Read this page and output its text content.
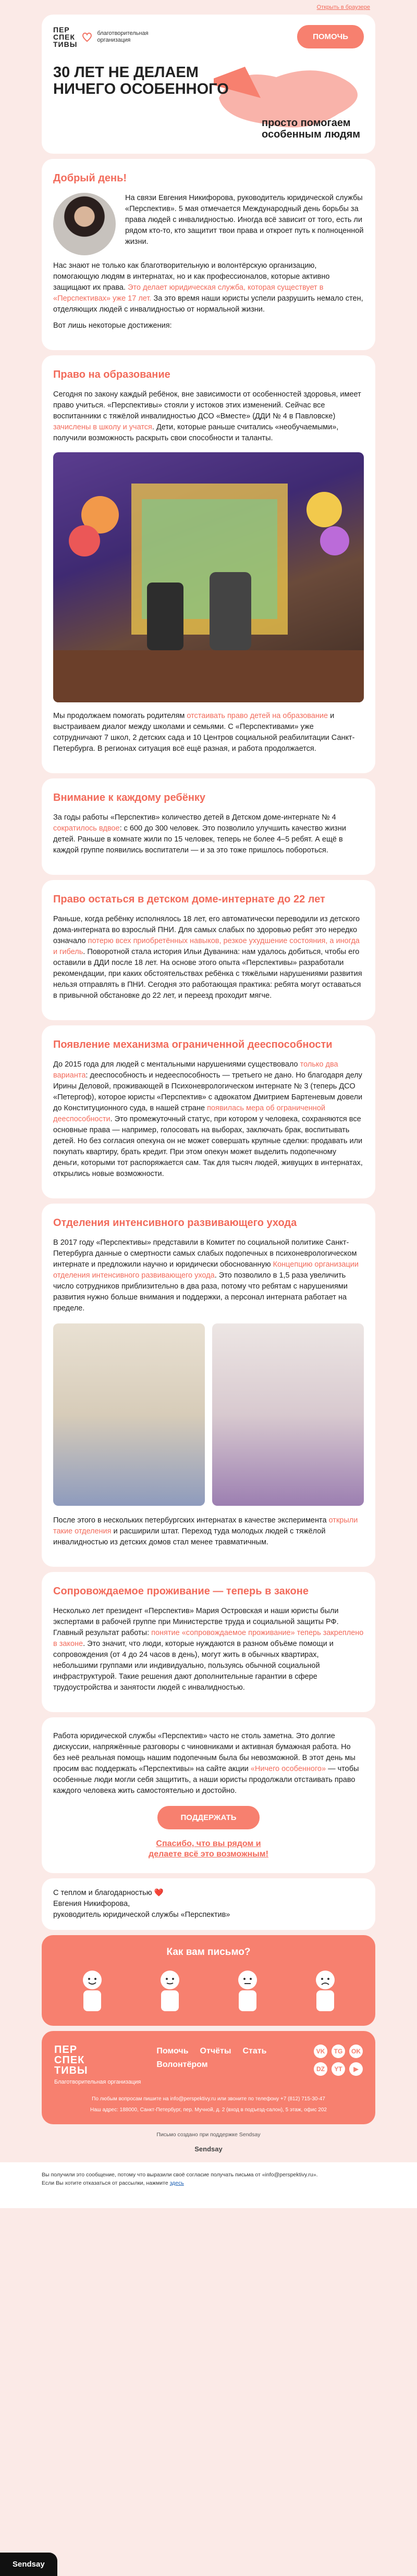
Открыть в браузере
ПЕР
СПЕК
ТИВЫ
благотворительная
организация	ПОМОЧЬ
30 ЛЕТ НЕ ДЕЛАЕМ НИЧЕГО ОСОБЕННОГО
просто помогаем особенным людям
Добрый день!

На связи Евгения Никифорова, руководитель юридической службы «Перспектив». 5 мая отмечается Международный день борьбы за права людей с инвалидностью. Иногда всё зависит от того, есть ли рядом кто-то, кто защитит твои права и откроет путь к полноценной жизни.

Нас знают не только как благотворительную и волонтёрскую организацию, помогающую людям в интернатах, но и как профессионалов, которые активно защищают их права. Это делает юридическая служба, которая существует в «Перспективах» уже 17 лет. За это время наши юристы успели разрушить немало стен, отделяющих людей с инвалидностью от нормальной жизни.

Вот лишь некоторые достижения:

Право на образование

Сегодня по закону каждый ребёнок, вне зависимости от особенностей здоровья, имеет право учиться. «Перспективы» стояли у истоков этих изменений. Сейчас все воспитанники с тяжёлой инвалидностью ДСО «Вместе» (ДДИ № 4 в Павловске) зачислены в школу и учатся. Дети, которые раньше считались «необучаемыми», получили возможность раскрыть свои способности и таланты.

Мы продолжаем помогать родителям отстаивать право детей на образование и выстраиваем диалог между школами и семьями. С «Перспективами» уже сотрудничают 7 школ, 2 детских сада и 10 Центров социальной реабилитации Санкт-Петербурга. В регионах ситуация всё ещё разная, и работа продолжается.

Внимание к каждому ребёнку

За годы работы «Перспектив» количество детей в Детском доме-интернате № 4 сократилось вдвое: с 600 до 300 человек. Это позволило улучшить качество жизни детей. Раньше в комнате жили по 15 человек, теперь не более 4–5 ребят. А ещё в каждой группе появились воспитатели — и за это тоже пришлось побороться.

Право остаться в детском доме-интернате до 22 лет

Раньше, когда ребёнку исполнялось 18 лет, его автоматически переводили из детского дома-интерната во взрослый ПНИ. Для самых слабых по здоровью ребят это нередко означало потерю всех приобретённых навыков, резкое ухудшение состояния, а иногда и гибель. Поворотной стала история Ильи Дуванина: нам удалось добиться, чтобы его оставили в ДДИ после 18 лет. На основе этого опыта «Перспективы» разработали рекомендации, при каких обстоятельствах ребёнка с тяжёлыми нарушениями развития нельзя отправлять в ПНИ. Сегодня это работающая практика: ребята могут оставаться в привычной обстановке до 22 лет, и переезд проходит мягче.

Появление механизма ограниченной дееспособности

До 2015 года для людей с ментальными нарушениями существовало только два варианта: дееспособность и недееспособность — третьего не дано. Но благодаря делу Ирины Деловой, проживающей в Психоневрологическом интернате № 3 (теперь ДСО «Петергоф), которое юристы «Перспектив» с адвокатом Дмитрием Бартеневым довели до Конституционного суда, в нашей стране появилась мера об ограниченной дееспособности. Это промежуточный статус, при котором у человека, сохраняются все основные права — например, голосовать на выборах, заключать брак, воспитывать детей. Но без согласия опекуна он не может совершать крупные сделки: продавать или покупать квартиру, брать кредит. При этом опекун может выделить подопечному деньги, которыми тот распоряжается сам. Так для тысяч людей, живущих в интернатах, открылись новые возможности.

Отделения интенсивного развивающего ухода

В 2017 году «Перспективы» представили в Комитет по социальной политике Санкт-Петербурга данные о смертности самых слабых подопечных в психоневрологическом интернате и предложили научно и юридически обоснованную Концепцию организации отделения интенсивного развивающего ухода. Это позволило в 1,5 раза увеличить число сотрудников приблизительно в два раза, потому что ребятам с нарушениями развития нужно больше внимания и поддержки, а персонал интерната работает на пределе.

После этого в нескольких петербургских интернатах в качестве эксперимента открыли такие отделения и расширили штат. Переход туда молодых людей с тяжёлой инвалидностью из детских домов стал менее травматичным.

Сопровождаемое проживание — теперь в законе

Несколько лет президент «Перспектив» Мария Островская и наши юристы были экспертами в рабочей группе при Министерстве труда и социальной защиты РФ. Главный результат работы: понятие «сопровождаемое проживание» теперь закреплено в законе. Это значит, что люди, которые нуждаются в разном объёме помощи и сопровождения (от 4 до 24 часов в день), могут жить в обычных квартирах, небольшими группами или индивидуально, пользуясь обычной социальной инфраструктурой. Такие решения дают дополнительные гарантии в сфере трудоустройства и занятости людей с инвалидностью.

Работа юридической службы «Перспектив» часто не столь заметна. Это долгие дискуссии, напряжённые разговоры с чиновниками и активная бумажная работа. Но без неё реальная помощь нашим подопечным была бы невозможной. В этот день мы просим вас поддержать «Перспективы» на сайте акции «Ничего особенного» — чтобы особенные люди могли себя защитить, а наши юристы продолжали отстаивать право каждого человека жить самостоятельно и достойно.

ПОДДЕРЖАТЬ
Спасибо, что вы рядом и делаете всё это возможным!

С теплом и благодарностью ❤️

Евгения Никифорова,

руководитель юридической службы «Перспектив»

Как вам письмо?
ПЕР
СПЕК
ТИВЫ
Благотворительная организация
Помочь Отчёты Стать
Волонтёром
VK	TG	OK
DZ	YT	▶
По любым вопросам пишите на info@perspektivy.ru или звоните по телефону +7 (812) 715-30-47
Наш адрес: 188000, Санкт-Петербург, пер. Мучной, д. 2 (вход в подъезд-салон), 5 этаж, офис 202
Письмо создано при поддержке Sendsay
Sendsay
Вы получили это сообщение, потому что выразили своё согласие получать письма от «info@perspektivy.ru».
Если Вы хотите отказаться от рассылки, нажмите здесь
Sendsay
